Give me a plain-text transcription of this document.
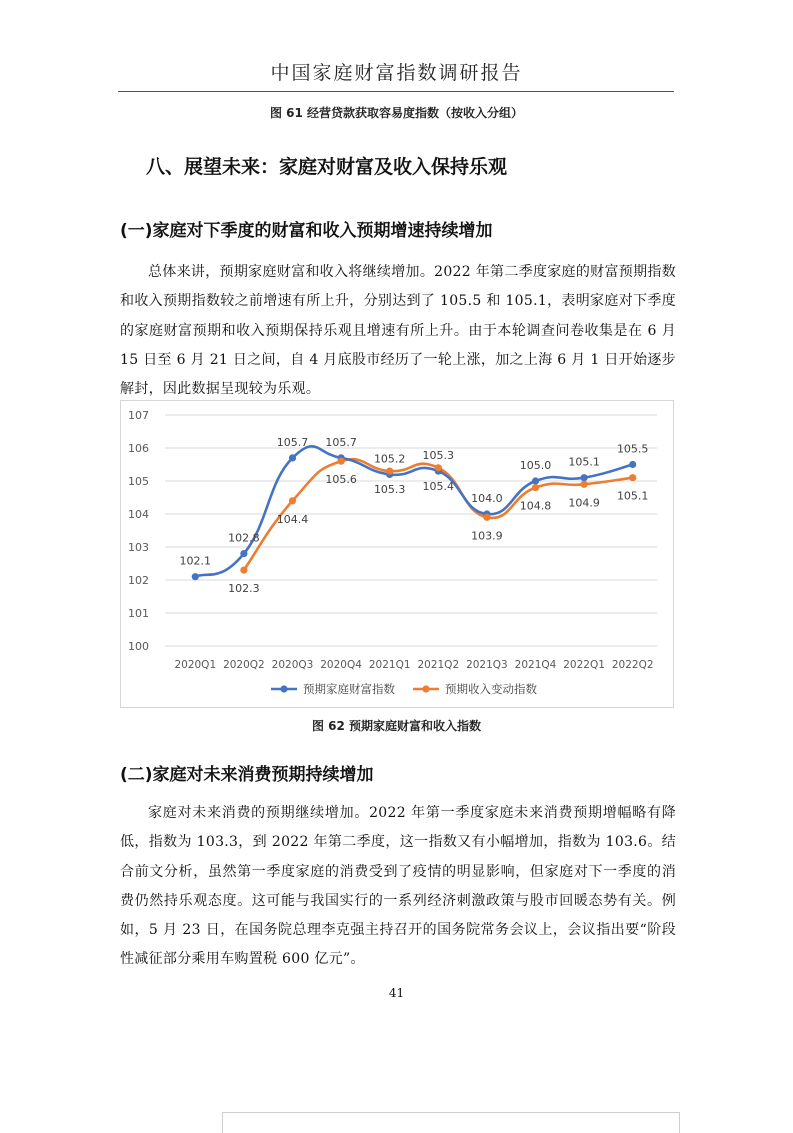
中国家庭财富指数调研报告
图 61 经营贷款获取容易度指数（按收入分组）
八、展望未来：家庭对财富及收入保持乐观
(一)家庭对下季度的财富和收入预期增速持续增加

总体来讲，预期家庭财富和收入将继续增加。2022 年第二季度家庭的财富预期指数和收入预期指数较之前增速有所上升，分别达到了 105.5 和 105.1，表明家庭对下季度的家庭财富预期和收入预期保持乐观且增速有所上升。由于本轮调查问卷收集是在 6 月 15 日至 6 月 21 日之间，自 4 月底股市经历了一轮上涨，加之上海 6 月 1 日开始逐步解封，因此数据呈现较为乐观。

100
101
102
103
104
105
106
107
2020Q1 2020Q2 2020Q3 2020Q4 2021Q1 2021Q2 2021Q3 2021Q4 2022Q1 2022Q2
102.1
102.8
105.7 105.7
105.2 105.3
104.0
105.0 105.1
105.5
102.3
104.4
105.6
105.3 105.4
103.9
104.8 104.9
105.1
预期家庭财富指数	预期收入变动指数
图 62 预期家庭财富和收入指数
(二)家庭对未来消费预期持续增加

家庭对未来消费的预期继续增加。2022 年第一季度家庭未来消费预期增幅略有降低，指数为 103.3，到 2022 年第二季度，这一指数又有小幅增加，指数为 103.6。结合前文分析，虽然第一季度家庭的消费受到了疫情的明显影响，但家庭对下一季度的消费仍然持乐观态度。这可能与我国实行的一系列经济刺激政策与股市回暖态势有关。例如，5 月 23 日，在国务院总理李克强主持召开的国务院常务会议上，会议指出要“阶段性减征部分乘用车购置税 600 亿元”。

41
